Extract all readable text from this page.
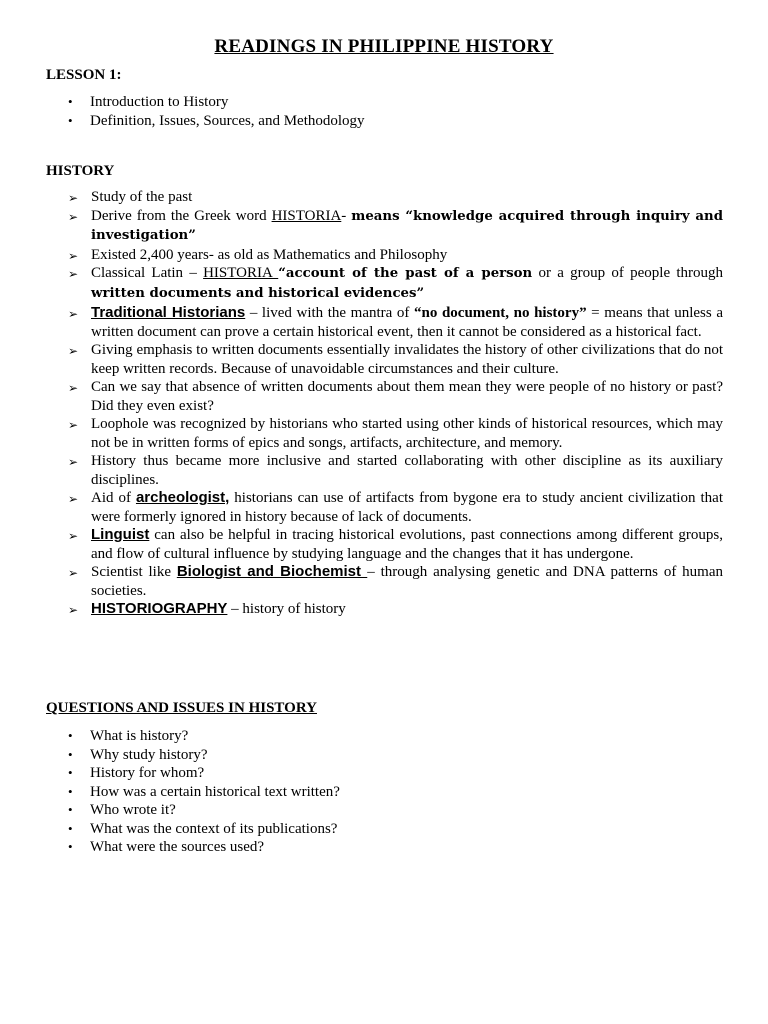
READINGS IN PHILIPPINE HISTORY
LESSON 1:
• Introduction to History
• Definition, Issues, Sources, and Methodology
HISTORY
➢ Study of the past
➢ Derive from the Greek word HISTORIA- means “knowledge acquired through inquiry and investigation”
➢ Existed 2,400 years- as old as Mathematics and Philosophy
➢ Classical Latin – HISTORIA “account of the past of a person or a group of people through written documents and historical evidences”
➢ Traditional Historians – lived with the mantra of “no document, no history” = means that unless a written document can prove a certain historical event, then it cannot be considered as a historical fact.
➢ Giving emphasis to written documents essentially invalidates the history of other civilizations that do not keep written records. Because of unavoidable circumstances and their culture.
➢ Can we say that absence of written documents about them mean they were people of no history or past? Did they even exist?
➢ Loophole was recognized by historians who started using other kinds of historical resources, which may not be in written forms of epics and songs, artifacts, architecture, and memory.
➢ History thus became more inclusive and started collaborating with other discipline as its auxiliary disciplines.
➢ Aid of archeologist, historians can use of artifacts from bygone era to study ancient civilization that were formerly ignored in history because of lack of documents.
➢ Linguist can also be helpful in tracing historical evolutions, past connections among different groups, and flow of cultural influence by studying language and the changes that it has undergone.
➢ Scientist like Biologist and Biochemist – through analysing genetic and DNA patterns of human societies.
➢ HISTORIOGRAPHY – history of history
QUESTIONS AND ISSUES IN HISTORY
• What is history?
• Why study history?
• History for whom?
• How was a certain historical text written?
• Who wrote it?
• What was the context of its publications?
• What were the sources used?
